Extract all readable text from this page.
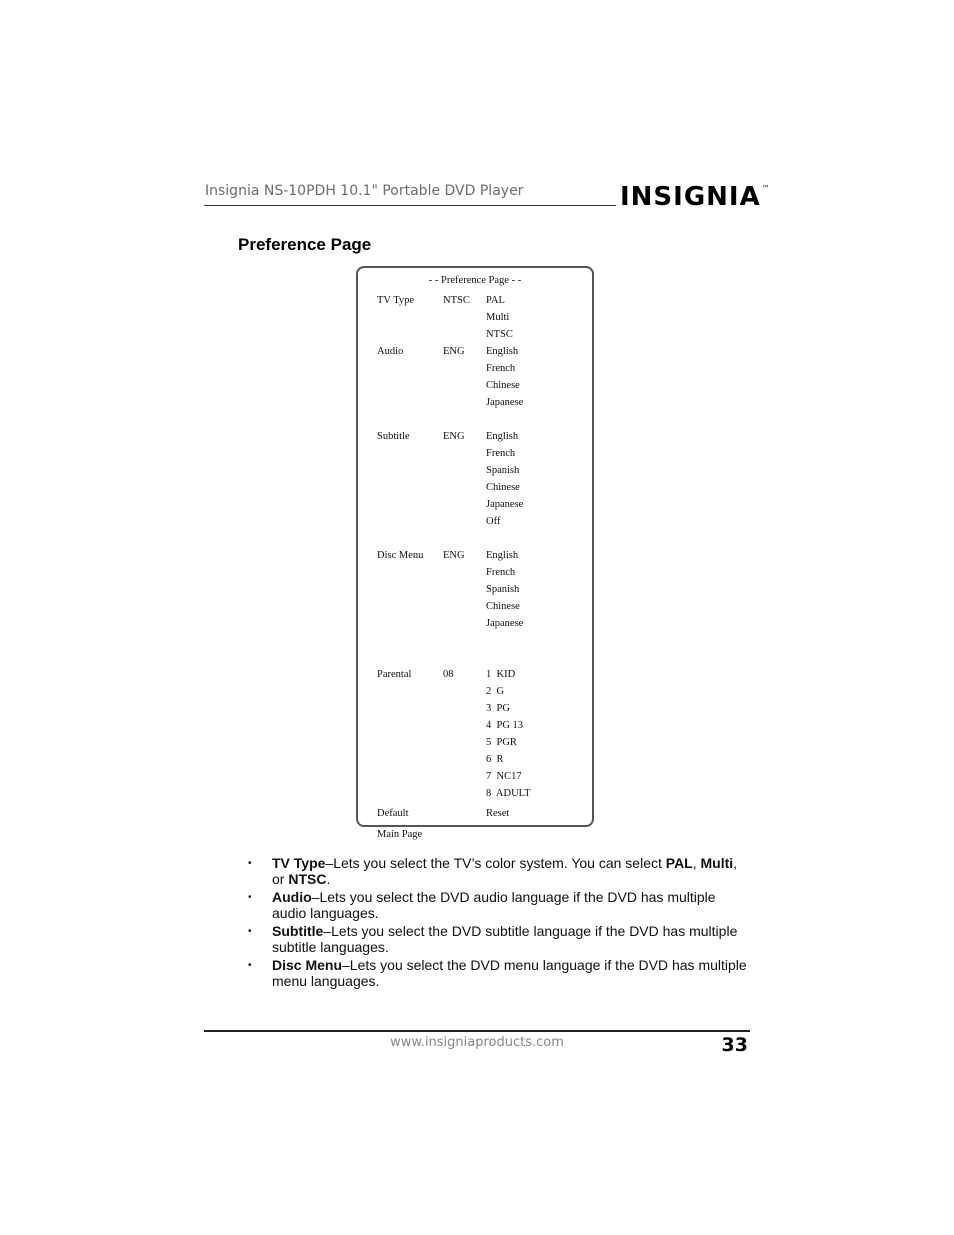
Insignia NS-10PDH 10.1" Portable DVD Player	INSIGNIA™
Preference Page
- - Preference Page - -
TV Type	NTSC PAL
Multi
NTSC
Audio	ENG English
French
Chinese
Japanese
Subtitle	ENG English
French
Spanish
Chinese
Japanese
Off
Disc Menu ENG English
French
Spanish
Chinese
Japanese
Parental	08	1  KID
2  G
3  PG
4  PG 13
5  PGR
6  R
7  NC17
8  ADULT
Default	Reset
Main Page
• TV Type–Lets you select the TV’s color system. You can select PAL, Multi, or NTSC.
• Audio–Lets you select the DVD audio language if the DVD has multiple audio languages.
• Subtitle–Lets you select the DVD subtitle language if the DVD has multiple subtitle languages.
• Disc Menu–Lets you select the DVD menu language if the DVD has multiple menu languages.
www.insigniaproducts.com	33
